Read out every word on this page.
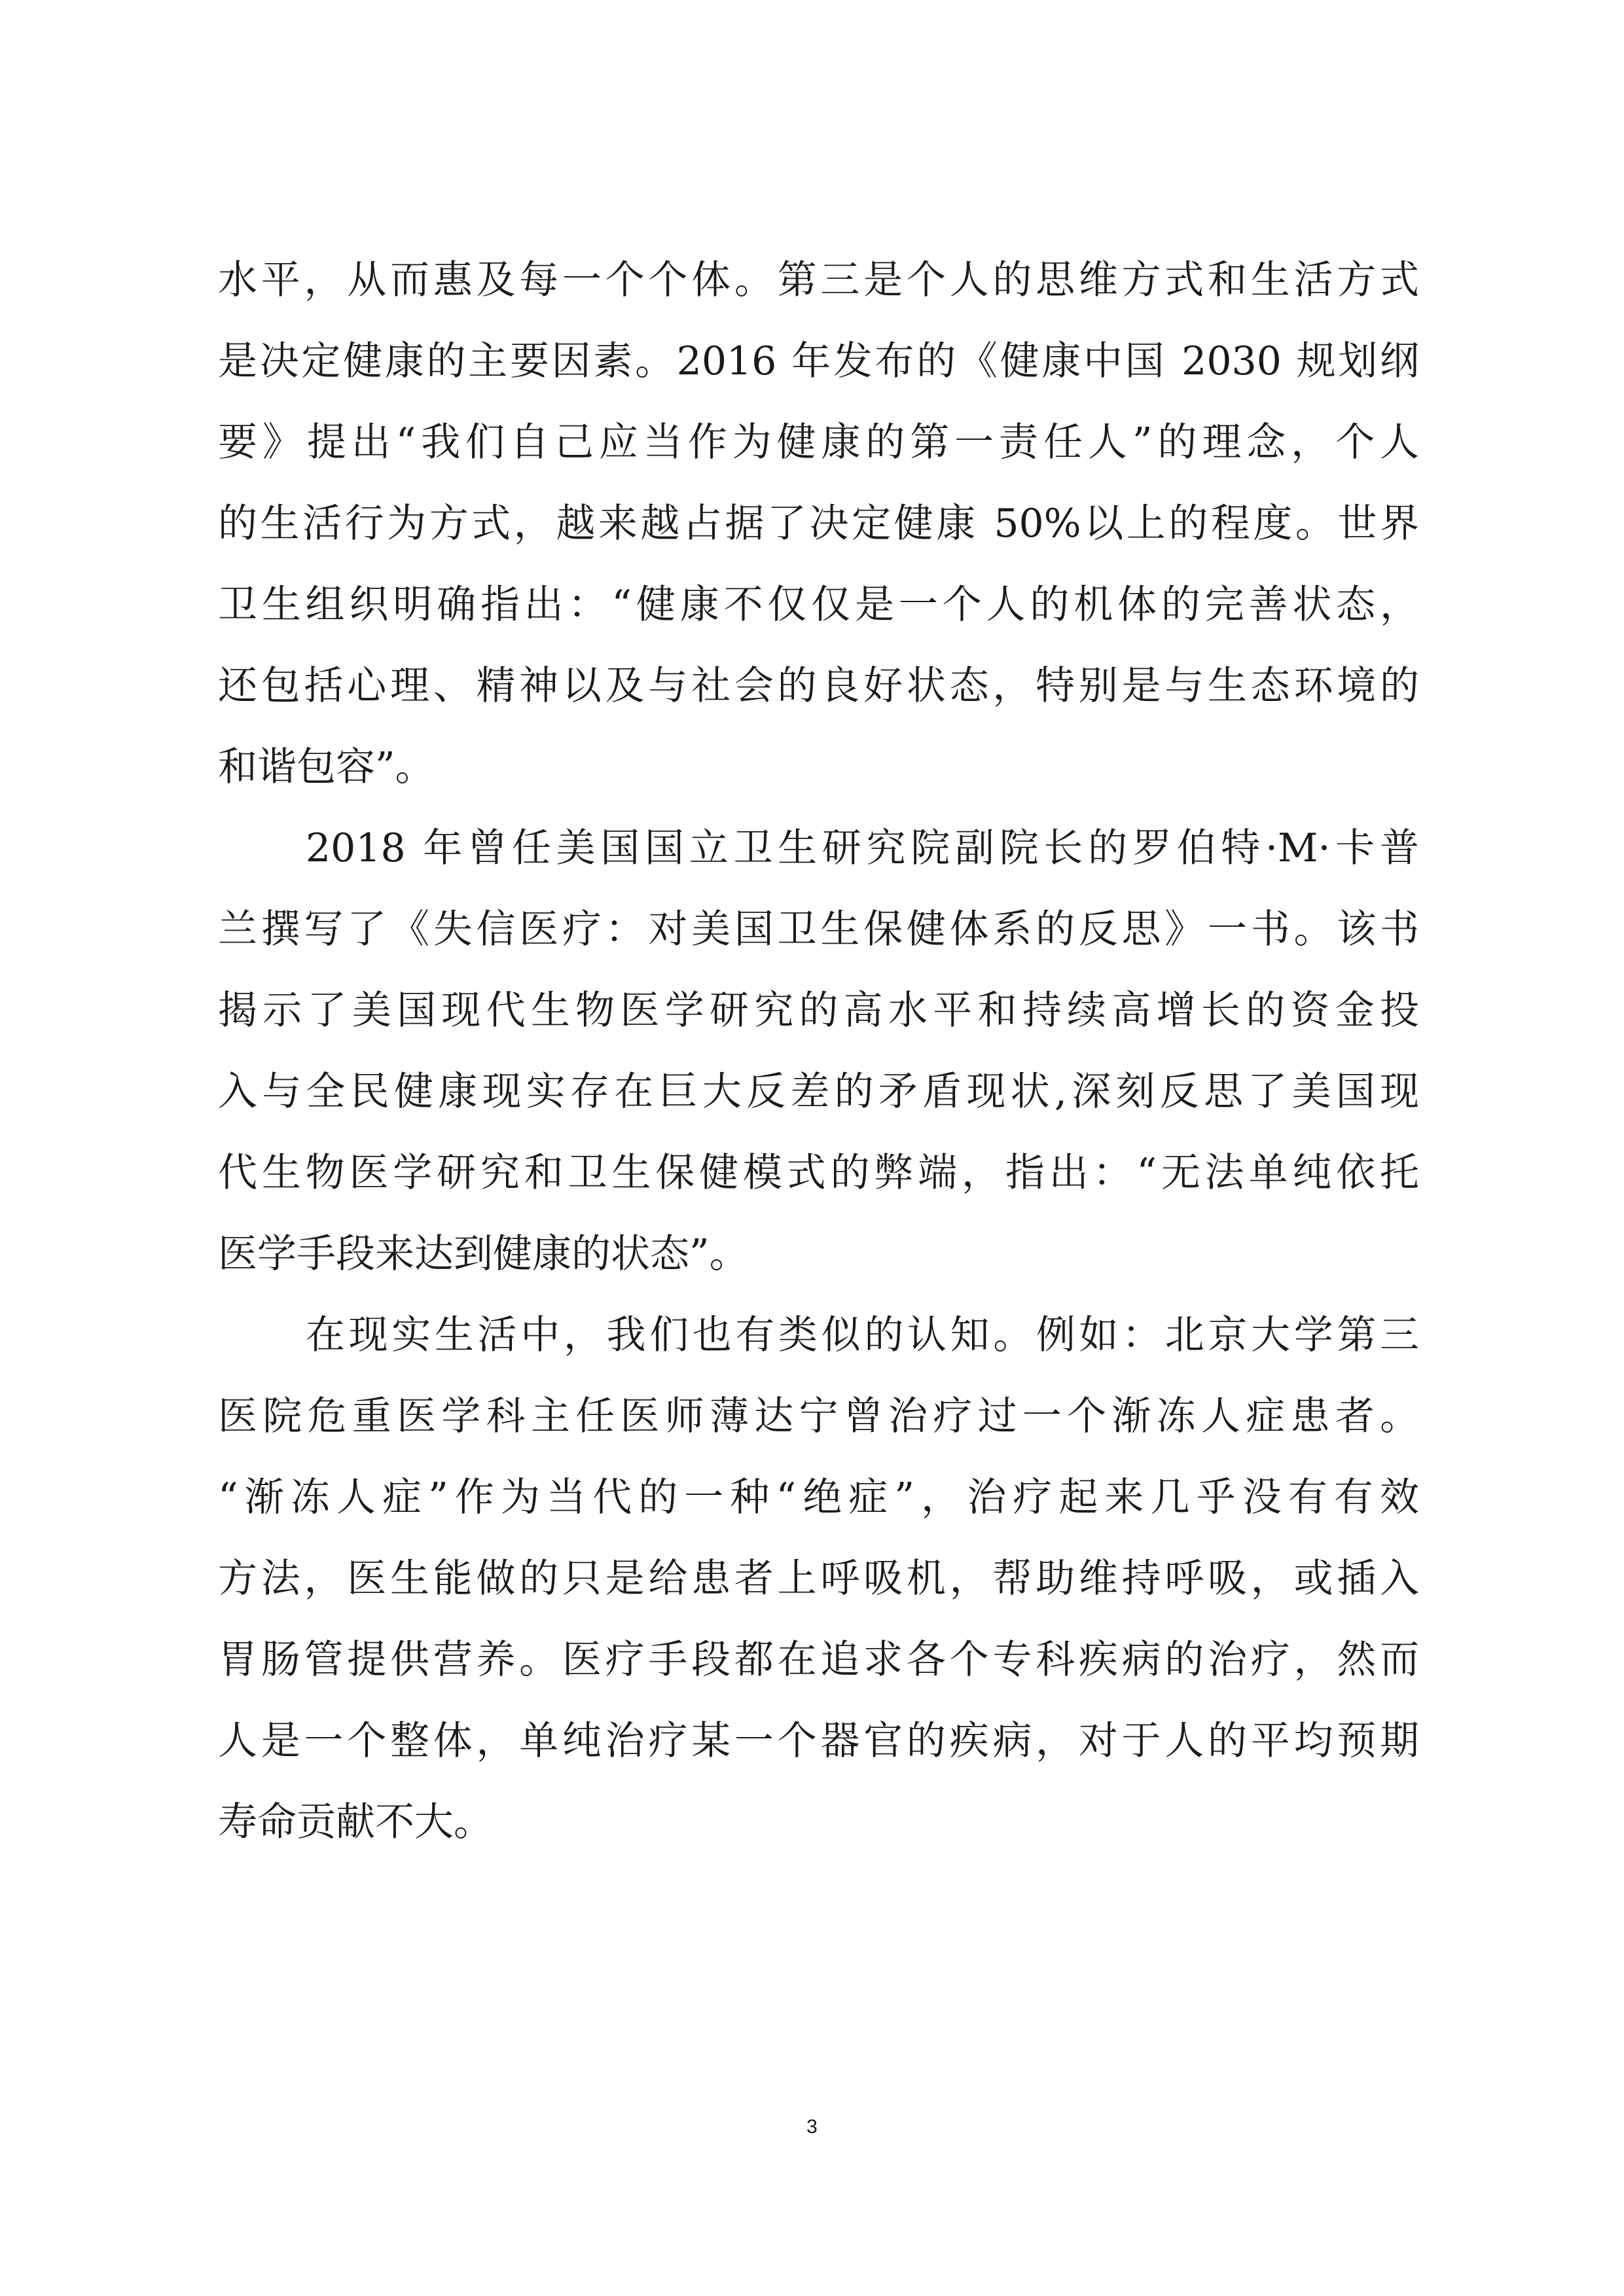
水平，从而惠及每一个个体。第三是个人的思维方式和生活方式
是决定健康的主要因素。2016 年发布的《健康中国 2030 规划纲
要》提出“我们自己应当作为健康的第一责任人”的理念，个人
的生活行为方式，越来越占据了决定健康 50%以上的程度。世界
卫生组织明确指出：“健康不仅仅是一个人的机体的完善状态，
还包括心理、精神以及与社会的良好状态，特别是与生态环境的
和谐包容”。
2018 年曾任美国国立卫生研究院副院长的罗伯特·M·卡普
兰撰写了《失信医疗：对美国卫生保健体系的反思》一书。该书
揭示了美国现代生物医学研究的高水平和持续高增长的资金投
入与全民健康现实存在巨大反差的矛盾现状,深刻反思了美国现
代生物医学研究和卫生保健模式的弊端，指出：“无法单纯依托
医学手段来达到健康的状态”。
在现实生活中，我们也有类似的认知。例如：北京大学第三
医院危重医学科主任医师薄达宁曾治疗过一个渐冻人症患者。
“渐冻人症”作为当代的一种“绝症”，治疗起来几乎没有有效
方法，医生能做的只是给患者上呼吸机，帮助维持呼吸，或插入
胃肠管提供营养。医疗手段都在追求各个专科疾病的治疗，然而
人是一个整体，单纯治疗某一个器官的疾病，对于人的平均预期
寿命贡献不大。
3
